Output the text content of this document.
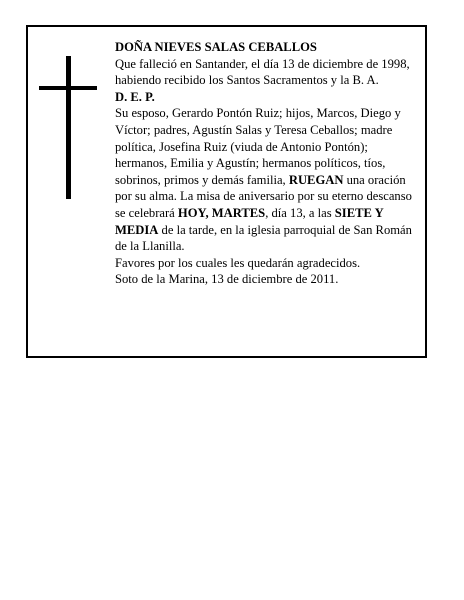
DOÑA NIEVES SALAS CEBALLOS

Que falleció en Santander, el día 13 de diciembre de 1998, habiendo recibido los Santos Sacramentos y la B. A.

D. E. P.

Su esposo, Gerardo Pontón Ruiz; hijos, Marcos, Diego y Víctor; padres, Agustín Salas y Teresa Ceballos; madre política, Josefina Ruiz (viuda de Antonio Pontón); hermanos, Emilia y Agustín; hermanos políticos, tíos, sobrinos, primos y demás familia, RUEGAN una oración por su alma. La misa de aniversario por su eterno descanso se celebrará HOY, MARTES, día 13, a las SIETE Y MEDIA de la tarde, en la iglesia parroquial de San Román de la Llanilla.

Favores por los cuales les quedarán agradecidos.

Soto de la Marina, 13 de diciembre de 2011.
